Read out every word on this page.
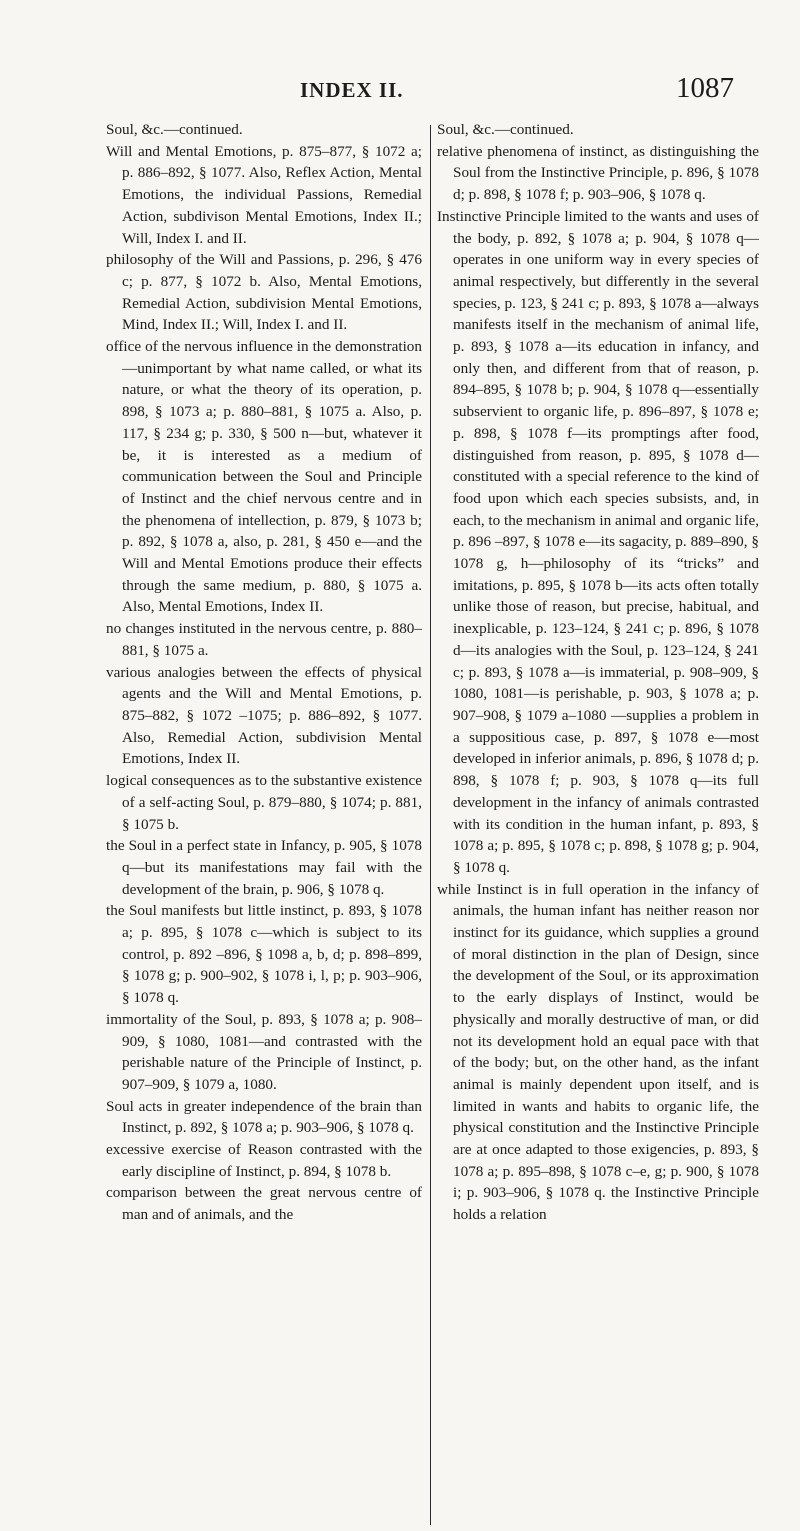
INDEX II.	1087

Soul, &c.—continued.

Will and Mental Emotions, p. 875–877, § 1072 a; p. 886–892, § 1077. Also, Reflex Action, Mental Emotions, the individual Passions, Remedial Action, subdivison Mental Emotions, Index II.; Will, Index I. and II.

philosophy of the Will and Passions, p. 296, § 476 c; p. 877, § 1072 b. Also, Mental Emotions, Remedial Action, subdivision Mental Emotions, Mind, Index II.; Will, Index I. and II.

office of the nervous influence in the demonstration—unimportant by what name called, or what its nature, or what the theory of its operation, p. 898, § 1073 a; p. 880–881, § 1075 a. Also, p. 117, § 234 g; p. 330, § 500 n—but, whatever it be, it is interested as a medium of communication between the Soul and Principle of Instinct and the chief nervous centre and in the phenomena of intellection, p. 879, § 1073 b; p. 892, § 1078 a, also, p. 281, § 450 e—and the Will and Mental Emotions produce their effects through the same medium, p. 880, § 1075 a. Also, Mental Emotions, Index II.

no changes instituted in the nervous centre, p. 880–881, § 1075 a.

various analogies between the effects of physical agents and the Will and Mental Emotions, p. 875–882, § 1072 –1075; p. 886–892, § 1077. Also, Remedial Action, subdivision Mental Emotions, Index II.

logical consequences as to the substantive existence of a self-acting Soul, p. 879–880, § 1074; p. 881, § 1075 b.

the Soul in a perfect state in Infancy, p. 905, § 1078 q—but its manifestations may fail with the development of the brain, p. 906, § 1078 q.

the Soul manifests but little instinct, p. 893, § 1078 a; p. 895, § 1078 c—which is subject to its control, p. 892 –896, § 1098 a, b, d; p. 898–899, § 1078 g; p. 900–902, § 1078 i, l, p; p. 903–906, § 1078 q.

immortality of the Soul, p. 893, § 1078 a; p. 908–909, § 1080, 1081—and contrasted with the perishable nature of the Principle of Instinct, p. 907–909, § 1079 a, 1080.

Soul acts in greater independence of the brain than Instinct, p. 892, § 1078 a; p. 903–906, § 1078 q.

excessive exercise of Reason contrasted with the early discipline of Instinct, p. 894, § 1078 b.

comparison between the great nervous centre of man and of animals, and the

Soul, &c.—continued.

relative phenomena of instinct, as distinguishing the Soul from the Instinctive Principle, p. 896, § 1078 d; p. 898, § 1078 f; p. 903–906, § 1078 q.

Instinctive Principle limited to the wants and uses of the body, p. 892, § 1078 a; p. 904, § 1078 q—operates in one uniform way in every species of animal respectively, but differently in the several species, p. 123, § 241 c; p. 893, § 1078 a—always manifests itself in the mechanism of animal life, p. 893, § 1078 a—its education in infancy, and only then, and different from that of reason, p. 894–895, § 1078 b; p. 904, § 1078 q—essentially subservient to organic life, p. 896–897, § 1078 e; p. 898, § 1078 f—its promptings after food, distinguished from reason, p. 895, § 1078 d—constituted with a special reference to the kind of food upon which each species subsists, and, in each, to the mechanism in animal and organic life, p. 896 –897, § 1078 e—its sagacity, p. 889–890, § 1078 g, h—philosophy of its “tricks” and imitations, p. 895, § 1078 b—its acts often totally unlike those of reason, but precise, habitual, and inexplicable, p. 123–124, § 241 c; p. 896, § 1078 d—its analogies with the Soul, p. 123–124, § 241 c; p. 893, § 1078 a—is immaterial, p. 908–909, § 1080, 1081—is perishable, p. 903, § 1078 a; p. 907–908, § 1079 a–1080 —supplies a problem in a suppositious case, p. 897, § 1078 e—most developed in inferior animals, p. 896, § 1078 d; p. 898, § 1078 f; p. 903, § 1078 q—its full development in the infancy of animals contrasted with its condition in the human infant, p. 893, § 1078 a; p. 895, § 1078 c; p. 898, § 1078 g; p. 904, § 1078 q.

while Instinct is in full operation in the infancy of animals, the human infant has neither reason nor instinct for its guidance, which supplies a ground of moral distinction in the plan of Design, since the development of the Soul, or its approximation to the early displays of Instinct, would be physically and morally destructive of man, or did not its development hold an equal pace with that of the body; but, on the other hand, as the infant animal is mainly dependent upon itself, and is limited in wants and habits to organic life, the physical constitution and the Instinctive Principle are at once adapted to those exigencies, p. 893, § 1078 a; p. 895–898, § 1078 c–e, g; p. 900, § 1078 i; p. 903–906, § 1078 q. the Instinctive Principle holds a relation
